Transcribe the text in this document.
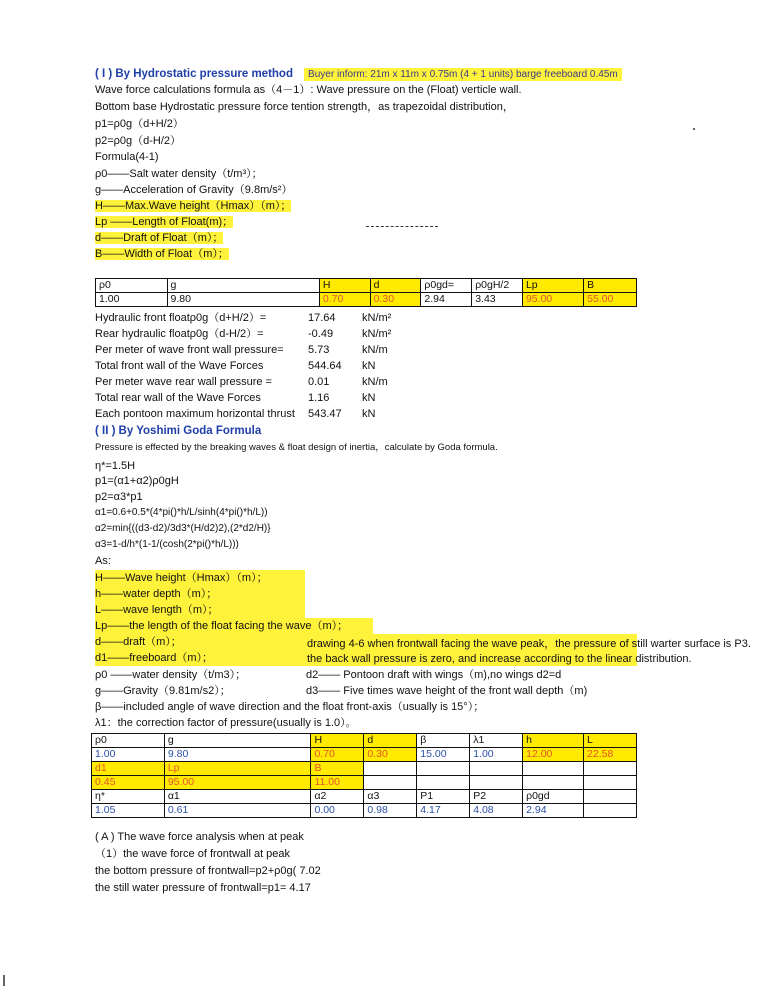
( I ) By Hydrostatic pressure method Buyer inform: 21m x 11m x 0.75m (4 + 1 units) barge freeboard 0.45m
Wave force calculations formula as（4－1）: Wave pressure on the (Float) verticle wall.
Bottom base Hydrostatic pressure force tention strength，as trapezoidal distribution，
p1=ρ0g（d+H/2）
p2=ρ0g（d-H/2）
Formula(4-1)
ρ0——Salt water density（t/m³）；
g——Acceleration of Gravity（9.8m/s²）
H——Max.Wave height（Hmax）（m）；
Lp ——Length of Float(m)；
d——Draft of Float（m）；
B——Width of Float（m）；
ρ0	g	H	d	ρ0gd=	ρ0gH/2	Lp	B
1.00	9.80	0.70	0.30	2.94	3.43	95.00	55.00
Hydraulic front floatρ0g（d+H/2）=	17.64 kN/m²
Rear hydraulic floatρ0g（d-H/2）=	-0.49	kN/m²
Per meter of wave front wall pressure= 5.73	kN/m
Total front wall of the Wave Forces	544.64 kN
Per meter wave rear wall pressure =	0.01	kN/m
Total rear wall of the Wave Forces	1.16	kN
Each pontoon maximum horizontal thrust 543.47 kN
( II ) By Yoshimi Goda Formula
Pressure is effected by the breaking waves & float design of inertia，calculate by Goda formula.
η*=1.5H
p1=(α1+α2)ρ0gH
p2=α3*p1
α1=0.6+0.5*(4*pi()*h/L/sinh(4*pi()*h/L))
α2=min{((d3-d2)/3d3*(H/d2)2),(2*d2/H)}
α3=1-d/h*(1-1/(cosh(2*pi()*h/L)))
As:
H——Wave height（Hmax）（m）；
h——water depth（m）；
L——wave length（m）；
Lp——the length of the float facing the wave（m）；
d——draft（m）；
d1——freeboard（m）；
drawing 4-6 when frontwall facing the wave peak，the pressure of still warter surface is P3.
the back wall pressure is zero, and increase according to the linear distribution.
ρ0 ——water density（t/m3）；
g——Gravity（9.81m/s2）；
d2—— Pontoon draft with wings（m),no wings d2=d
d3—— Five times wave height of the front wall depth（m)
β——included angle of wave direction and the float front-axis（usually is 15°）；
λ1：the correction factor of pressure(usually is 1.0）。
ρ0	g	H	d	β	λ1	h	L
1.00	9.80	0.70	0.30	15.00	1.00	12.00	22.58
d1	Lp	B					
0.45	95.00	11.00					
η*	α1	α2	α3	P1	P2	ρ0gd	
1.05	0.61	0.00	0.98	4.17	4.08	2.94	
( A ) The wave force analysis when at peak
（1）the wave force of frontwall at peak
the bottom pressure of frontwall=p2+ρ0g( 7.02
the still water pressure of frontwall=p1= 4.17
